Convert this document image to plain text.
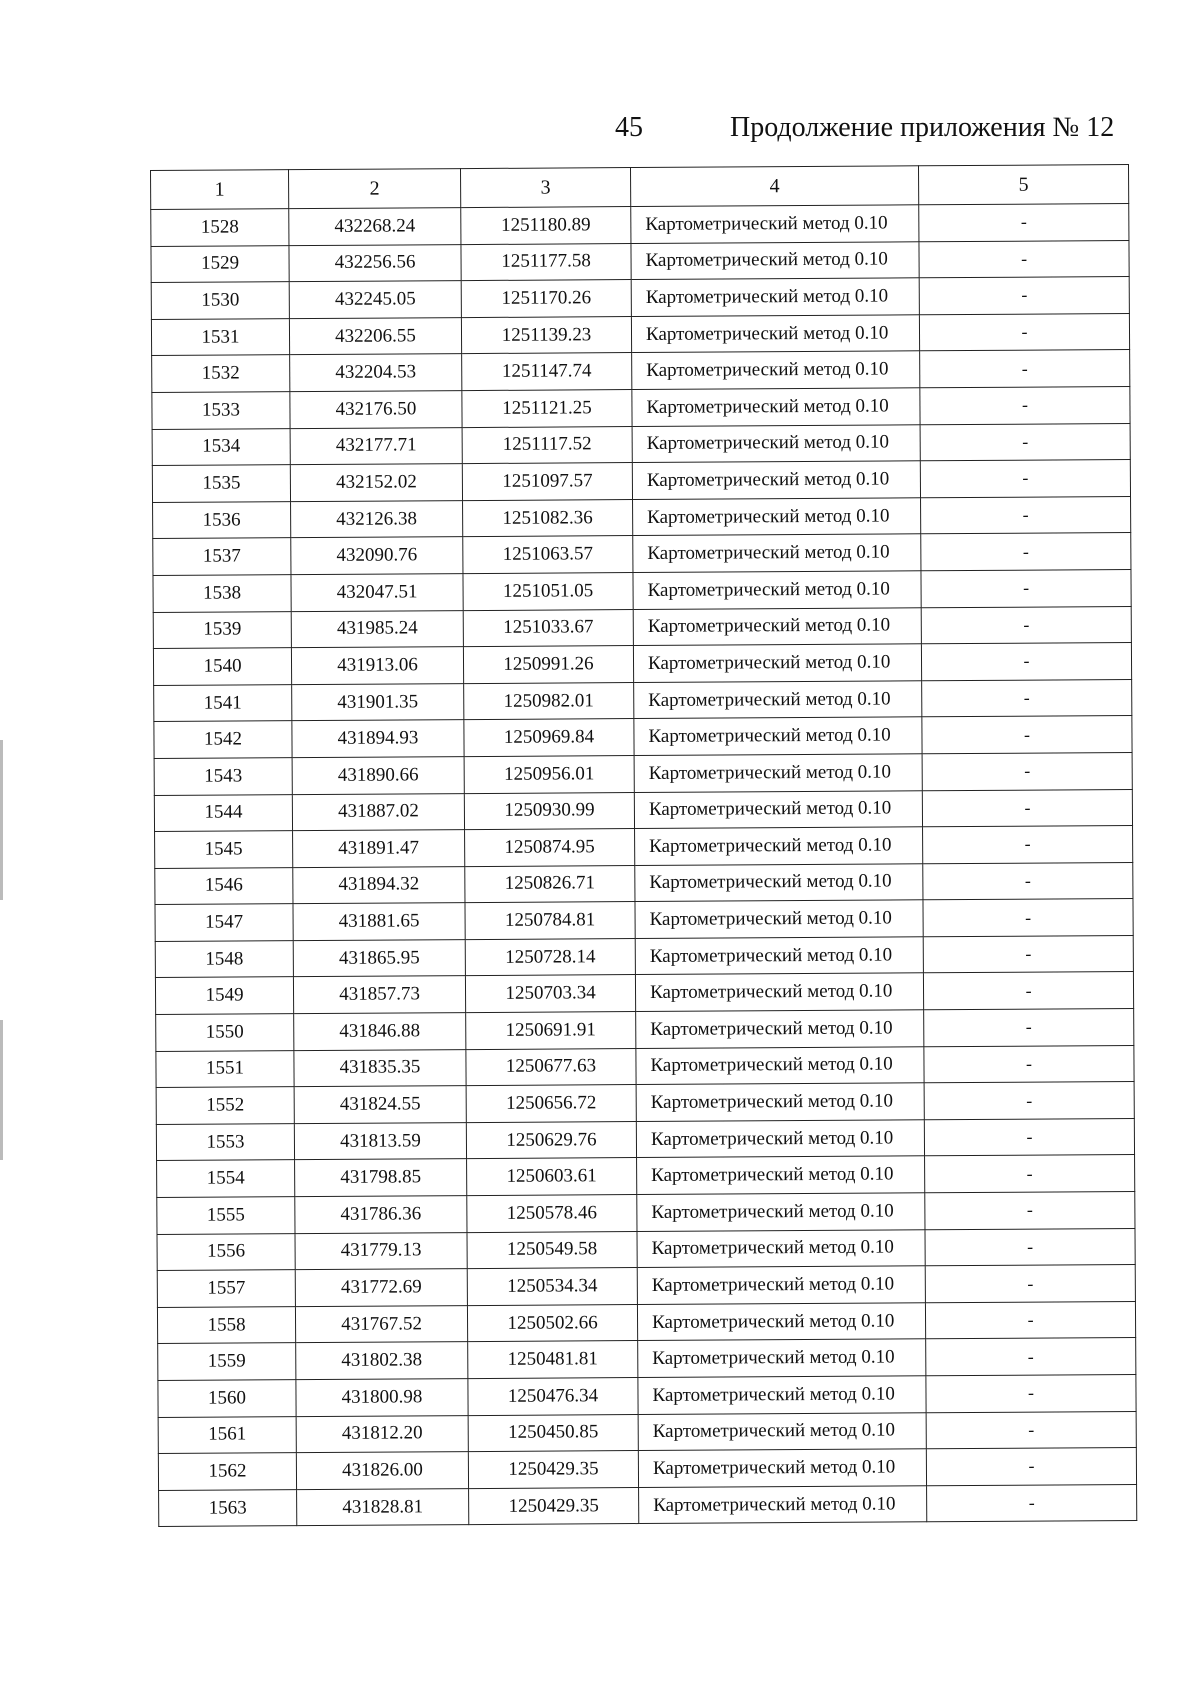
45	Продолжение приложения № 12
1	2	3	4	5
1528	432268.24	1251180.89	Картометрический метод 0.10	-
1529	432256.56	1251177.58	Картометрический метод 0.10	-
1530	432245.05	1251170.26	Картометрический метод 0.10	-
1531	432206.55	1251139.23	Картометрический метод 0.10	-
1532	432204.53	1251147.74	Картометрический метод 0.10	-
1533	432176.50	1251121.25	Картометрический метод 0.10	-
1534	432177.71	1251117.52	Картометрический метод 0.10	-
1535	432152.02	1251097.57	Картометрический метод 0.10	-
1536	432126.38	1251082.36	Картометрический метод 0.10	-
1537	432090.76	1251063.57	Картометрический метод 0.10	-
1538	432047.51	1251051.05	Картометрический метод 0.10	-
1539	431985.24	1251033.67	Картометрический метод 0.10	-
1540	431913.06	1250991.26	Картометрический метод 0.10	-
1541	431901.35	1250982.01	Картометрический метод 0.10	-
1542	431894.93	1250969.84	Картометрический метод 0.10	-
1543	431890.66	1250956.01	Картометрический метод 0.10	-
1544	431887.02	1250930.99	Картометрический метод 0.10	-
1545	431891.47	1250874.95	Картометрический метод 0.10	-
1546	431894.32	1250826.71	Картометрический метод 0.10	-
1547	431881.65	1250784.81	Картометрический метод 0.10	-
1548	431865.95	1250728.14	Картометрический метод 0.10	-
1549	431857.73	1250703.34	Картометрический метод 0.10	-
1550	431846.88	1250691.91	Картометрический метод 0.10	-
1551	431835.35	1250677.63	Картометрический метод 0.10	-
1552	431824.55	1250656.72	Картометрический метод 0.10	-
1553	431813.59	1250629.76	Картометрический метод 0.10	-
1554	431798.85	1250603.61	Картометрический метод 0.10	-
1555	431786.36	1250578.46	Картометрический метод 0.10	-
1556	431779.13	1250549.58	Картометрический метод 0.10	-
1557	431772.69	1250534.34	Картометрический метод 0.10	-
1558	431767.52	1250502.66	Картометрический метод 0.10	-
1559	431802.38	1250481.81	Картометрический метод 0.10	-
1560	431800.98	1250476.34	Картометрический метод 0.10	-
1561	431812.20	1250450.85	Картометрический метод 0.10	-
1562	431826.00	1250429.35	Картометрический метод 0.10	-
1563	431828.81	1250429.35	Картометрический метод 0.10	-
